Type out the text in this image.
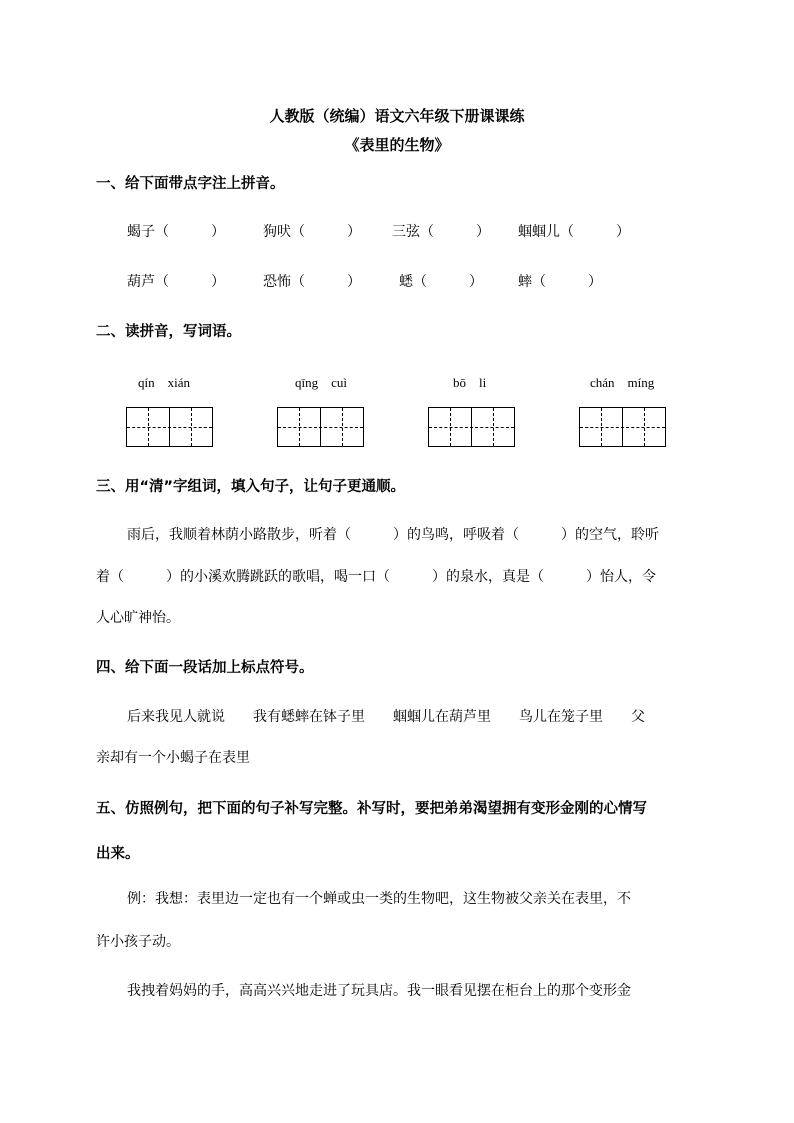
人教版（统编）语文六年级下册课课练
《表里的生物》
一、给下面带点字注上拼音。
蝎子（　　　）	狗吠（　　　） 三弦（　　　） 蝈蝈儿（　　　）
葫芦（　　　）	恐怖（　　　）	蟋（　　　）	蟀（　　　）
二、读拼音，写词语。
qín　xián	qīng　cuì	bō　li	chán　míng
三、用“清”字组词，填入句子，让句子更通顺。
雨后，我顺着林荫小路散步，听着（　　　）的鸟鸣，呼吸着（　　　）的空气，聆听
着（　　　）的小溪欢腾跳跃的歌唱，喝一口（　　　）的泉水，真是（　　　）怡人，令
人心旷神怡。
四、给下面一段话加上标点符号。
后来我见人就说　　我有蟋蟀在钵子里　　蝈蝈儿在葫芦里　　鸟儿在笼子里　　父
亲却有一个小蝎子在表里
五、仿照例句，把下面的句子补写完整。补写时，要把弟弟渴望拥有变形金刚的心情写
出来。
例：我想：表里边一定也有一个蝉或虫一类的生物吧，这生物被父亲关在表里，不
许小孩子动。
我拽着妈妈的手，高高兴兴地走进了玩具店。我一眼看见摆在柜台上的那个变形金
